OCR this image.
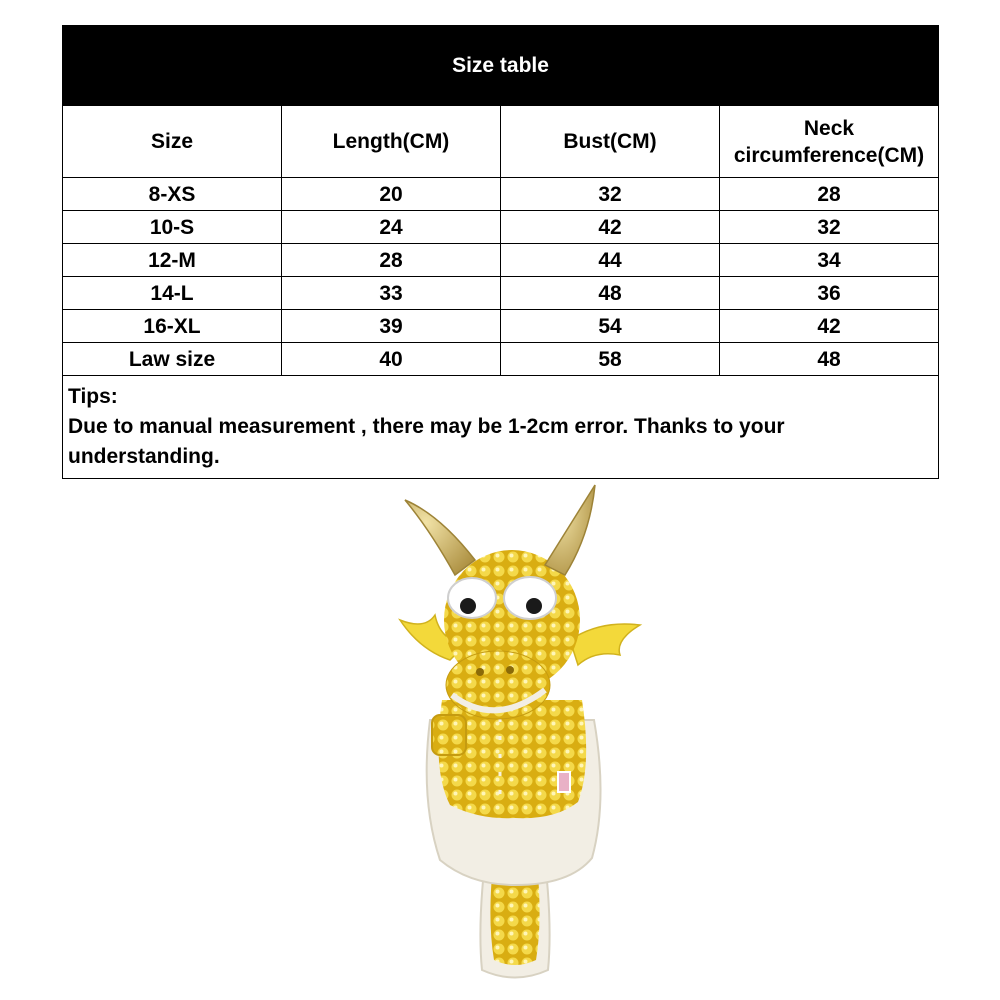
Size table			
Size	Length(CM)	Bust(CM)	Neck
circumference(CM)
8-XS	20	32	28
10-S	24	42	32
12-M	28	44	34
14-L	33	48	36
16-XL	39	54	42
Law size	40	58	48

Tips:
Due to manual measurement , there may be 1-2cm error. Thanks to your understanding.			
